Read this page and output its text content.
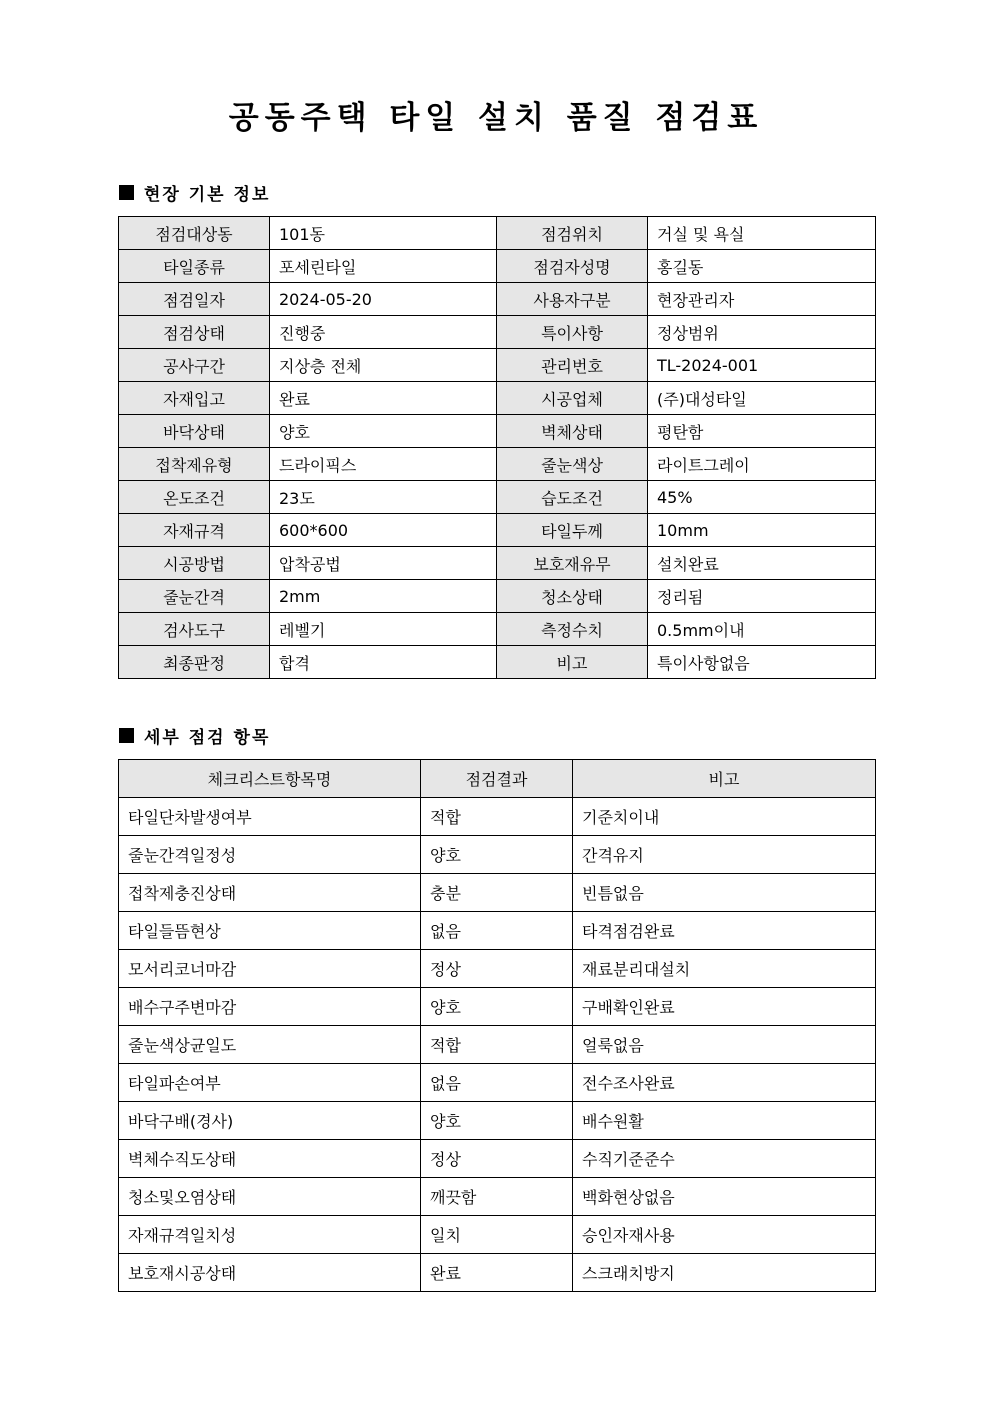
공동주택 타일 설치 품질 점검표
현장 기본 정보
점검대상동	101동	점검위치	거실 및 욕실
타일종류	포세린타일	점검자성명	홍길동
점검일자	2024-05-20	사용자구분	현장관리자
점검상태	진행중	특이사항	정상범위
공사구간	지상층 전체	관리번호	TL-2024-001
자재입고	완료	시공업체	(주)대성타일
바닥상태	양호	벽체상태	평탄함
접착제유형	드라이픽스	줄눈색상	라이트그레이
온도조건	23도	습도조건	45%
자재규격	600*600	타일두께	10mm
시공방법	압착공법	보호재유무	설치완료
줄눈간격	2mm	청소상태	정리됨
검사도구	레벨기	측정수치	0.5mm이내
최종판정	합격	비고	특이사항없음
세부 점검 항목
체크리스트항목명	점검결과	비고
타일단차발생여부	적합	기준치이내
줄눈간격일정성	양호	간격유지
접착제충진상태	충분	빈틈없음
타일들뜸현상	없음	타격점검완료
모서리코너마감	정상	재료분리대설치
배수구주변마감	양호	구배확인완료
줄눈색상균일도	적합	얼룩없음
타일파손여부	없음	전수조사완료
바닥구배(경사)	양호	배수원활
벽체수직도상태	정상	수직기준준수
청소및오염상태	깨끗함	백화현상없음
자재규격일치성	일치	승인자재사용
보호재시공상태	완료	스크래치방지
